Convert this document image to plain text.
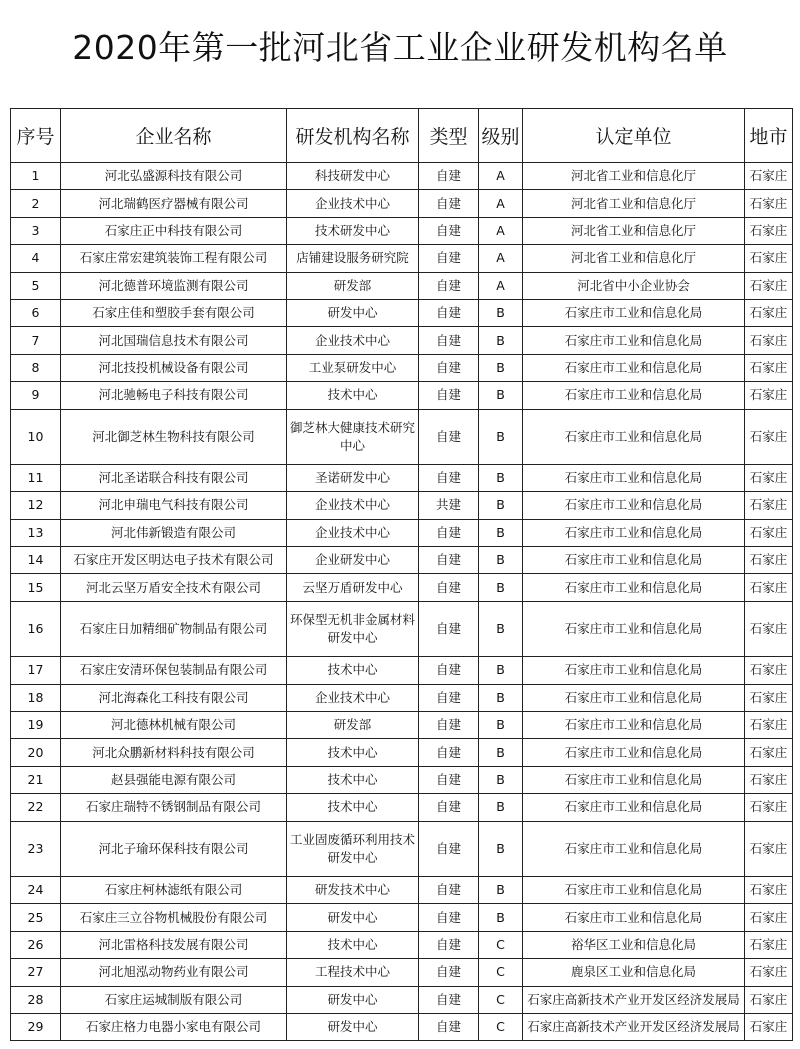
2020年第一批河北省工业企业研发机构名单
序号	企业名称	研发机构名称	类型	级别	认定单位	地市
1	河北弘盛源科技有限公司	科技研发中心	自建	A	河北省工业和信息化厅	石家庄
2	河北瑞鹤医疗器械有限公司	企业技术中心	自建	A	河北省工业和信息化厅	石家庄
3	石家庄正中科技有限公司	技术研发中心	自建	A	河北省工业和信息化厅	石家庄
4	石家庄常宏建筑装饰工程有限公司	店铺建设服务研究院	自建	A	河北省工业和信息化厅	石家庄
5	河北德普环境监测有限公司	研发部	自建	A	河北省中小企业协会	石家庄
6	石家庄佳和塑胶手套有限公司	研发中心	自建	B	石家庄市工业和信息化局	石家庄
7	河北国瑞信息技术有限公司	企业技术中心	自建	B	石家庄市工业和信息化局	石家庄
8	河北技投机械设备有限公司	工业泵研发中心	自建	B	石家庄市工业和信息化局	石家庄
9	河北驰畅电子科技有限公司	技术中心	自建	B	石家庄市工业和信息化局	石家庄
10	河北御芝林生物科技有限公司	御芝林大健康技术研究中心	自建	B	石家庄市工业和信息化局	石家庄
11	河北圣诺联合科技有限公司	圣诺研发中心	自建	B	石家庄市工业和信息化局	石家庄
12	河北申瑞电气科技有限公司	企业技术中心	共建	B	石家庄市工业和信息化局	石家庄
13	河北伟新锻造有限公司	企业技术中心	自建	B	石家庄市工业和信息化局	石家庄
14	石家庄开发区明达电子技术有限公司	企业研发中心	自建	B	石家庄市工业和信息化局	石家庄
15	河北云坚万盾安全技术有限公司	云坚万盾研发中心	自建	B	石家庄市工业和信息化局	石家庄
16	石家庄日加精细矿物制品有限公司	环保型无机非金属材料研发中心	自建	B	石家庄市工业和信息化局	石家庄
17	石家庄安清环保包装制品有限公司	技术中心	自建	B	石家庄市工业和信息化局	石家庄
18	河北海森化工科技有限公司	企业技术中心	自建	B	石家庄市工业和信息化局	石家庄
19	河北德林机械有限公司	研发部	自建	B	石家庄市工业和信息化局	石家庄
20	河北众鹏新材料科技有限公司	技术中心	自建	B	石家庄市工业和信息化局	石家庄
21	赵县强能电源有限公司	技术中心	自建	B	石家庄市工业和信息化局	石家庄
22	石家庄瑞特不锈钢制品有限公司	技术中心	自建	B	石家庄市工业和信息化局	石家庄
23	河北子瑜环保科技有限公司	工业固废循环利用技术研发中心	自建	B	石家庄市工业和信息化局	石家庄
24	石家庄柯林滤纸有限公司	研发技术中心	自建	B	石家庄市工业和信息化局	石家庄
25	石家庄三立谷物机械股份有限公司	研发中心	自建	B	石家庄市工业和信息化局	石家庄
26	河北雷格科技发展有限公司	技术中心	自建	C	裕华区工业和信息化局	石家庄
27	河北旭泓动物药业有限公司	工程技术中心	自建	C	鹿泉区工业和信息化局	石家庄
28	石家庄运城制版有限公司	研发中心	自建	C	石家庄高新技术产业开发区经济发展局	石家庄
29	石家庄格力电器小家电有限公司	研发中心	自建	C	石家庄高新技术产业开发区经济发展局	石家庄
